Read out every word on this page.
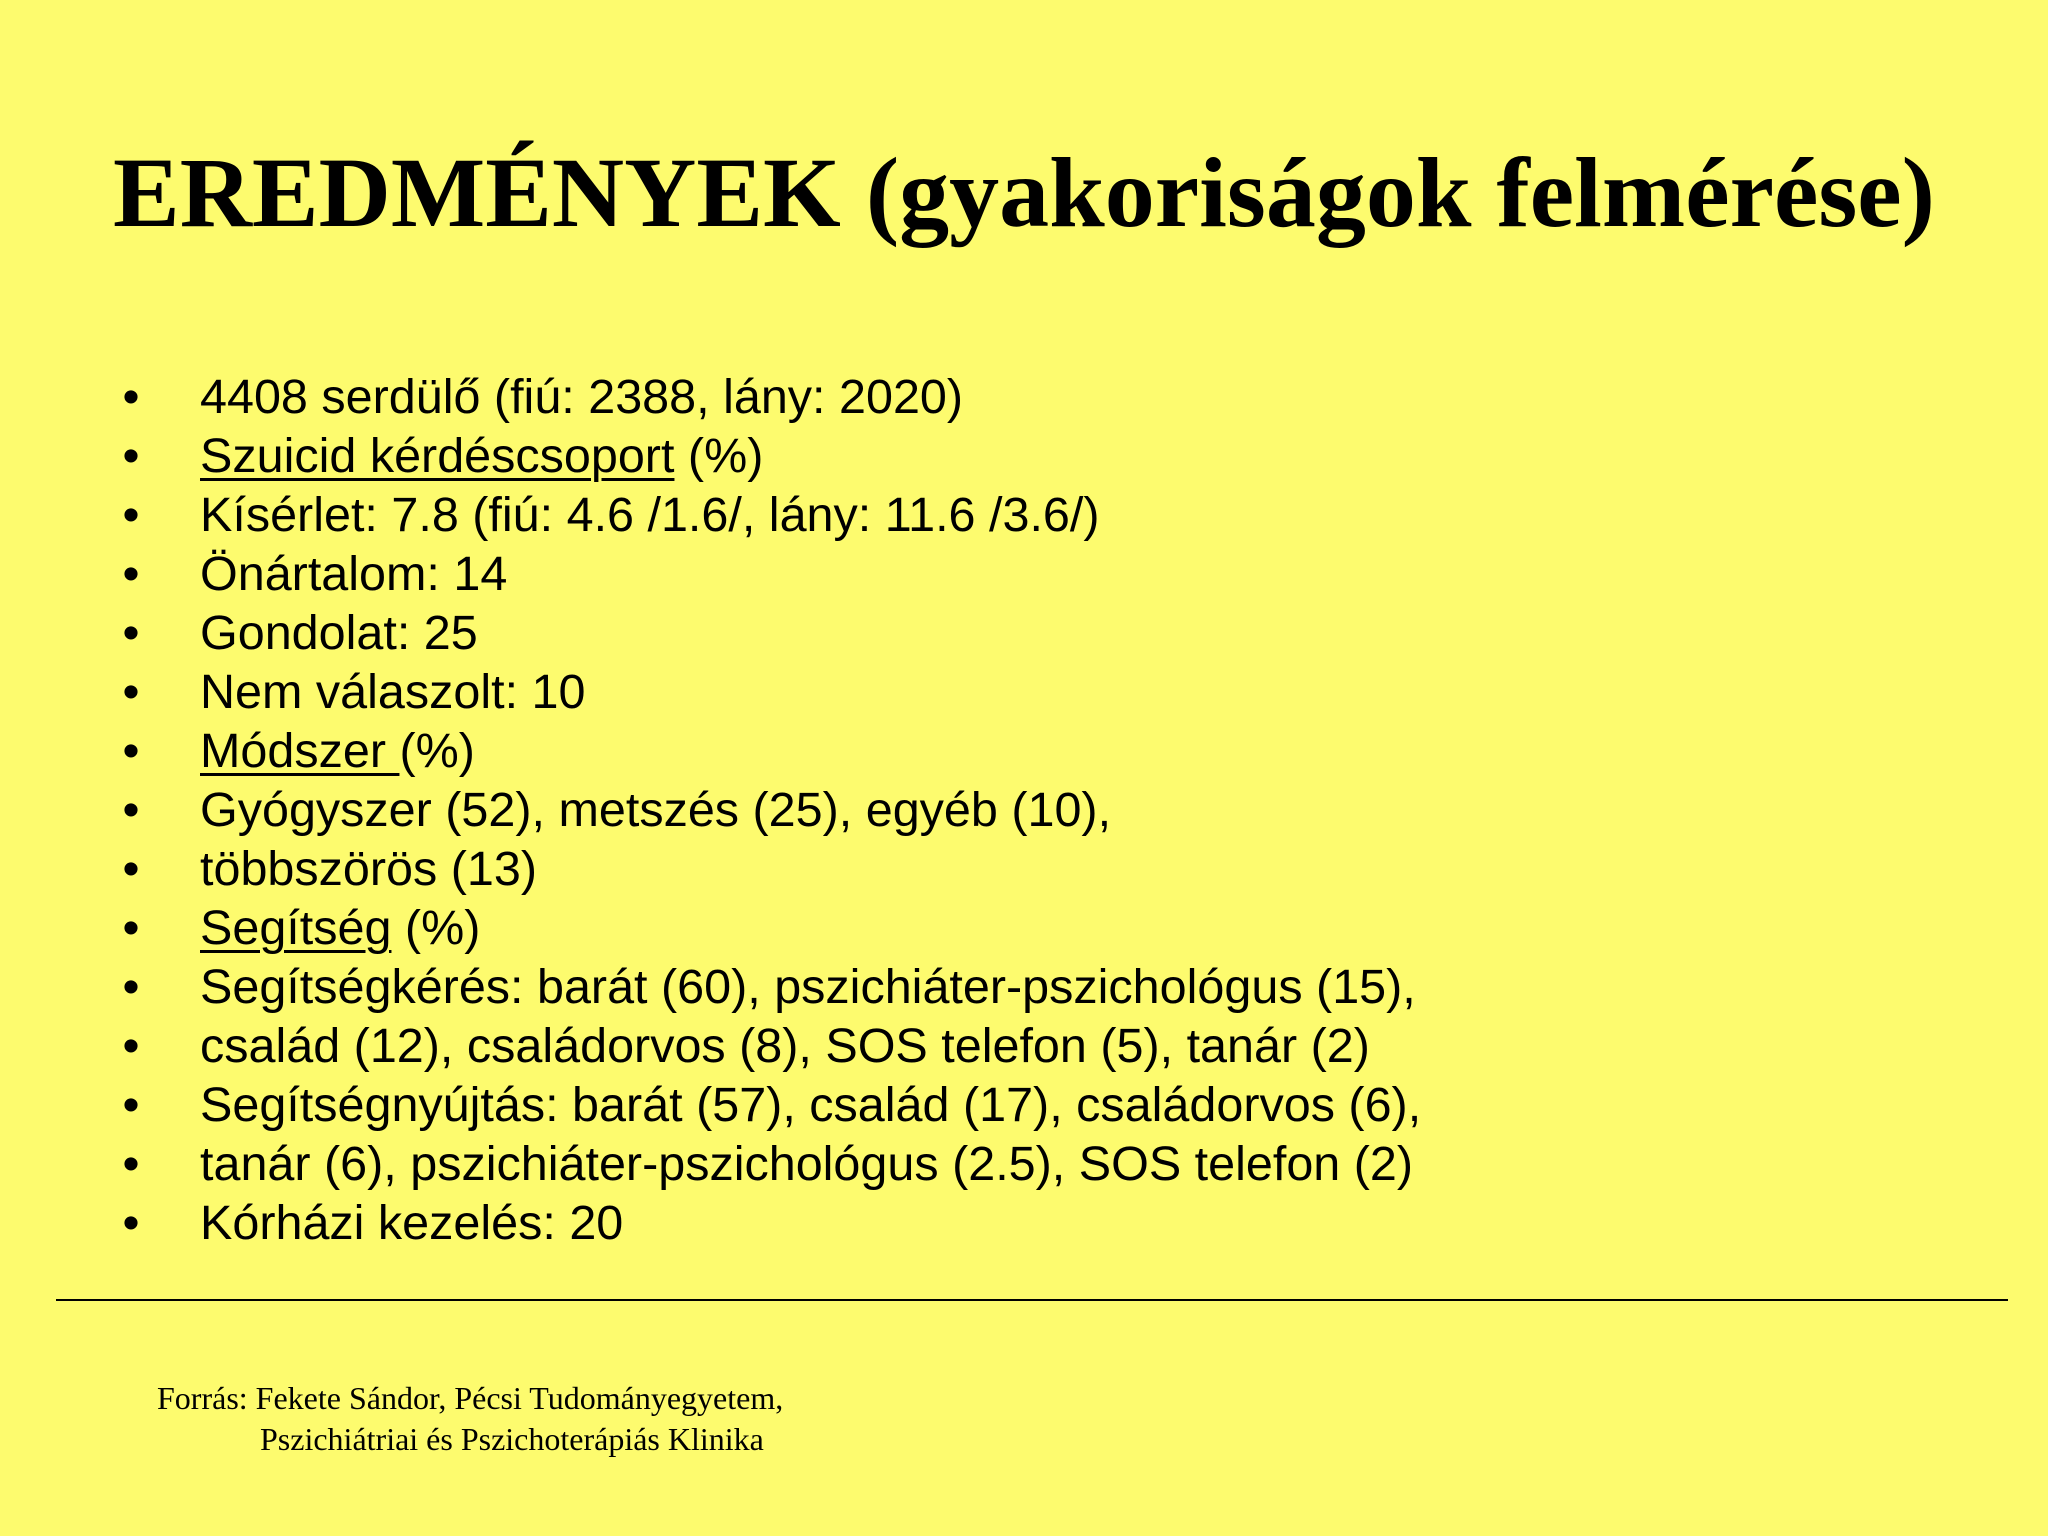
EREDMÉNYEK (gyakoriságok felmérése)
• 4408 serdülő (fiú: 2388, lány: 2020)
• Szuicid kérdéscsoport (%)
• Kísérlet: 7.8 (fiú: 4.6 /1.6/, lány: 11.6 /3.6/)
• Önártalom: 14
• Gondolat: 25
• Nem válaszolt: 10
• Módszer (%)
• Gyógyszer (52), metszés (25), egyéb (10),
• többszörös (13)
• Segítség (%)
• Segítségkérés: barát (60), pszichiáter-pszichológus (15),
• család (12), családorvos (8), SOS telefon (5), tanár (2)
• Segítségnyújtás: barát (57), család (17), családorvos (6),
• tanár (6), pszichiáter-pszichológus (2.5), SOS telefon (2)
• Kórházi kezelés: 20
Forrás: Fekete Sándor, Pécsi Tudományegyetem,
Pszichiátriai és Pszichoterápiás Klinika
